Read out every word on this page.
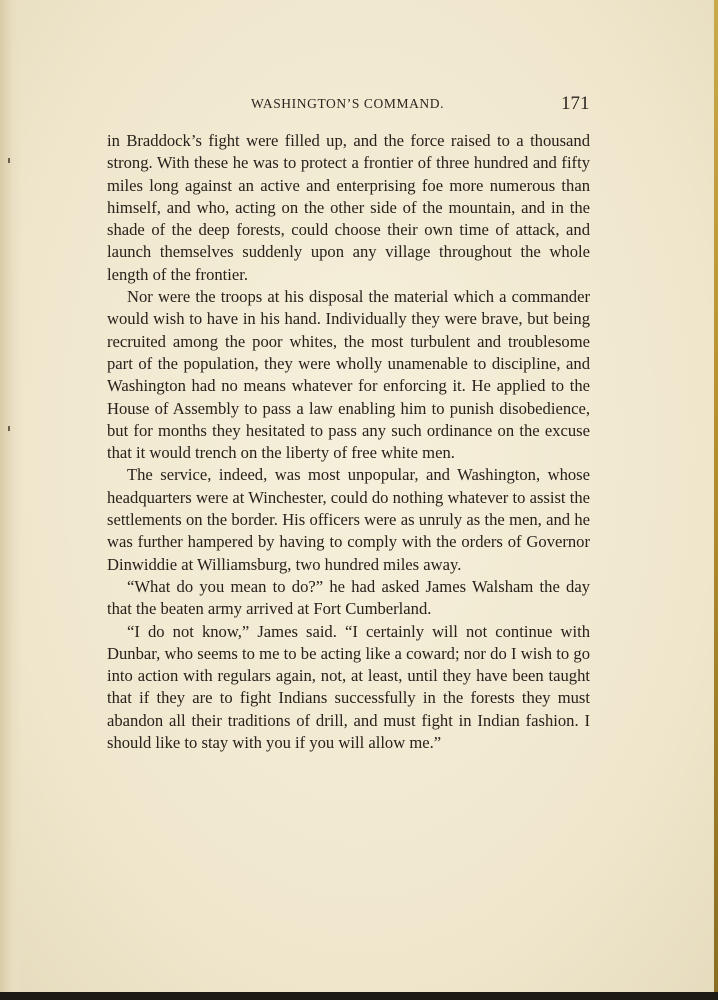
WASHINGTON’S COMMAND.	171

in Braddock’s fight were filled up, and the force raised to a thousand strong. With these he was to protect a frontier of three hundred and fifty miles long against an active and enterprising foe more numerous than himself, and who, acting on the other side of the mountain, and in the shade of the deep forests, could choose their own time of attack, and launch themselves suddenly upon any village throughout the whole length of the frontier.

Nor were the troops at his disposal the material which a commander would wish to have in his hand. Individually they were brave, but being recruited among the poor whites, the most turbulent and troublesome part of the population, they were wholly unamenable to discipline, and Washington had no means whatever for enforcing it. He applied to the House of Assembly to pass a law enabling him to punish disobedience, but for months they hesitated to pass any such ordinance on the excuse that it would trench on the liberty of free white men.

The service, indeed, was most unpopular, and Washington, whose headquarters were at Winchester, could do nothing whatever to assist the settlements on the border. His officers were as unruly as the men, and he was further hampered by having to comply with the orders of Governor Dinwiddie at Williamsburg, two hundred miles away.

“What do you mean to do?” he had asked James Walsham the day that the beaten army arrived at Fort Cumberland.

“I do not know,” James said. “I certainly will not continue with Dunbar, who seems to me to be acting like a coward; nor do I wish to go into action with regulars again, not, at least, until they have been taught that if they are to fight Indians successfully in the forests they must abandon all their traditions of drill, and must fight in Indian fashion. I should like to stay with you if you will allow me.”
